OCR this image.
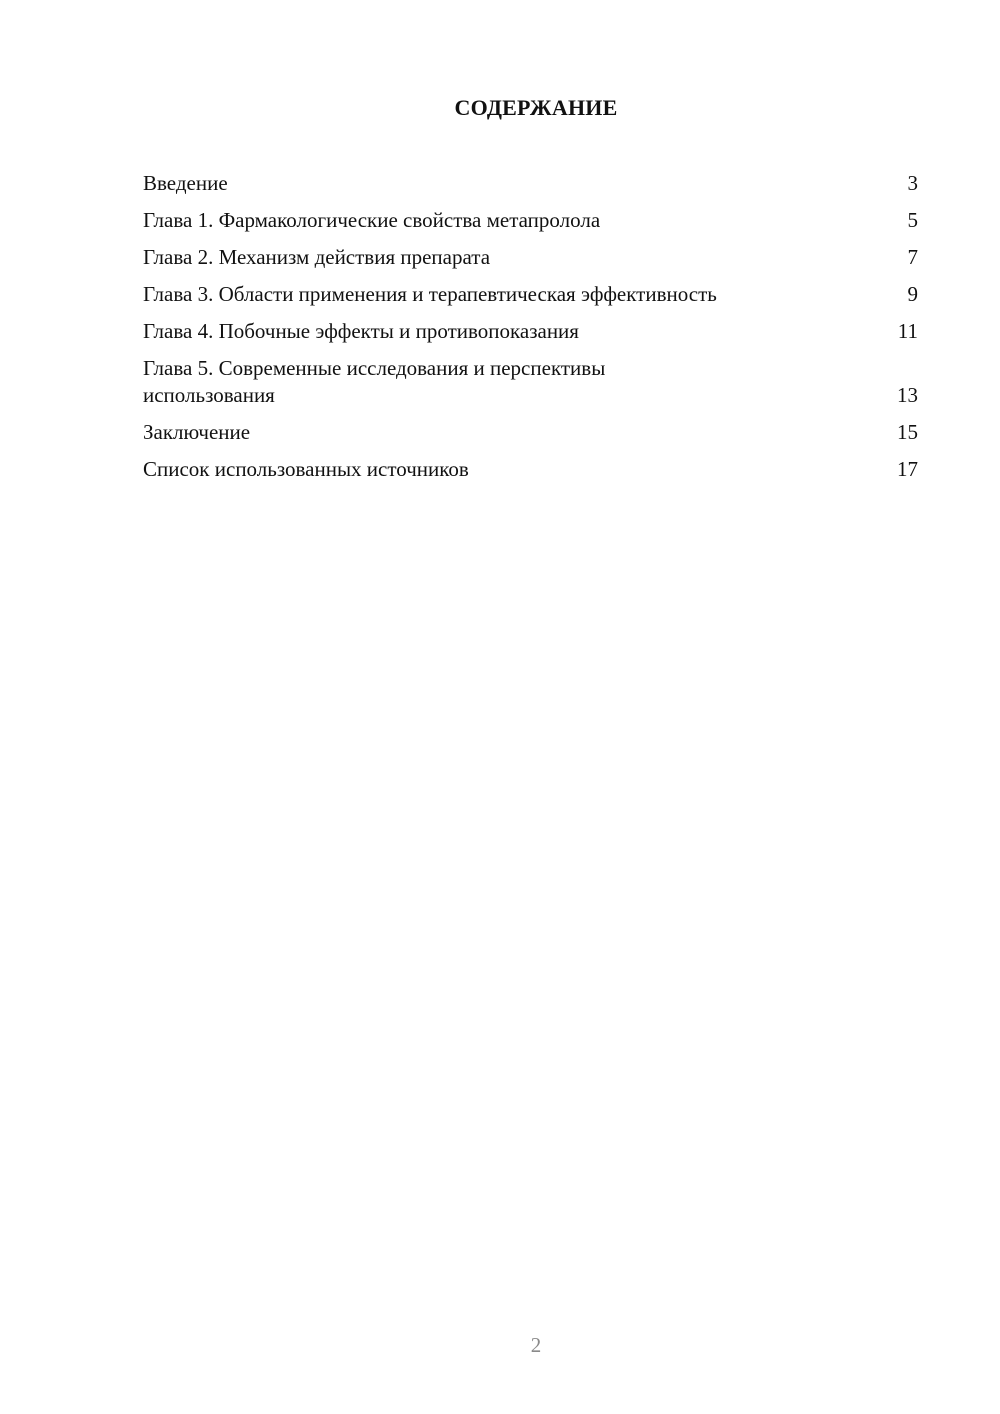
СОДЕРЖАНИЕ
Введение	3
Глава 1. Фармакологические свойства метапролола	5
Глава 2. Механизм действия препарата	7
Глава 3. Области применения и терапевтическая эффективность	9
Глава 4. Побочные эффекты и противопоказания	11
Глава 5. Современные исследования и перспективы использования	13
Заключение	15
Список использованных источников	17
2
